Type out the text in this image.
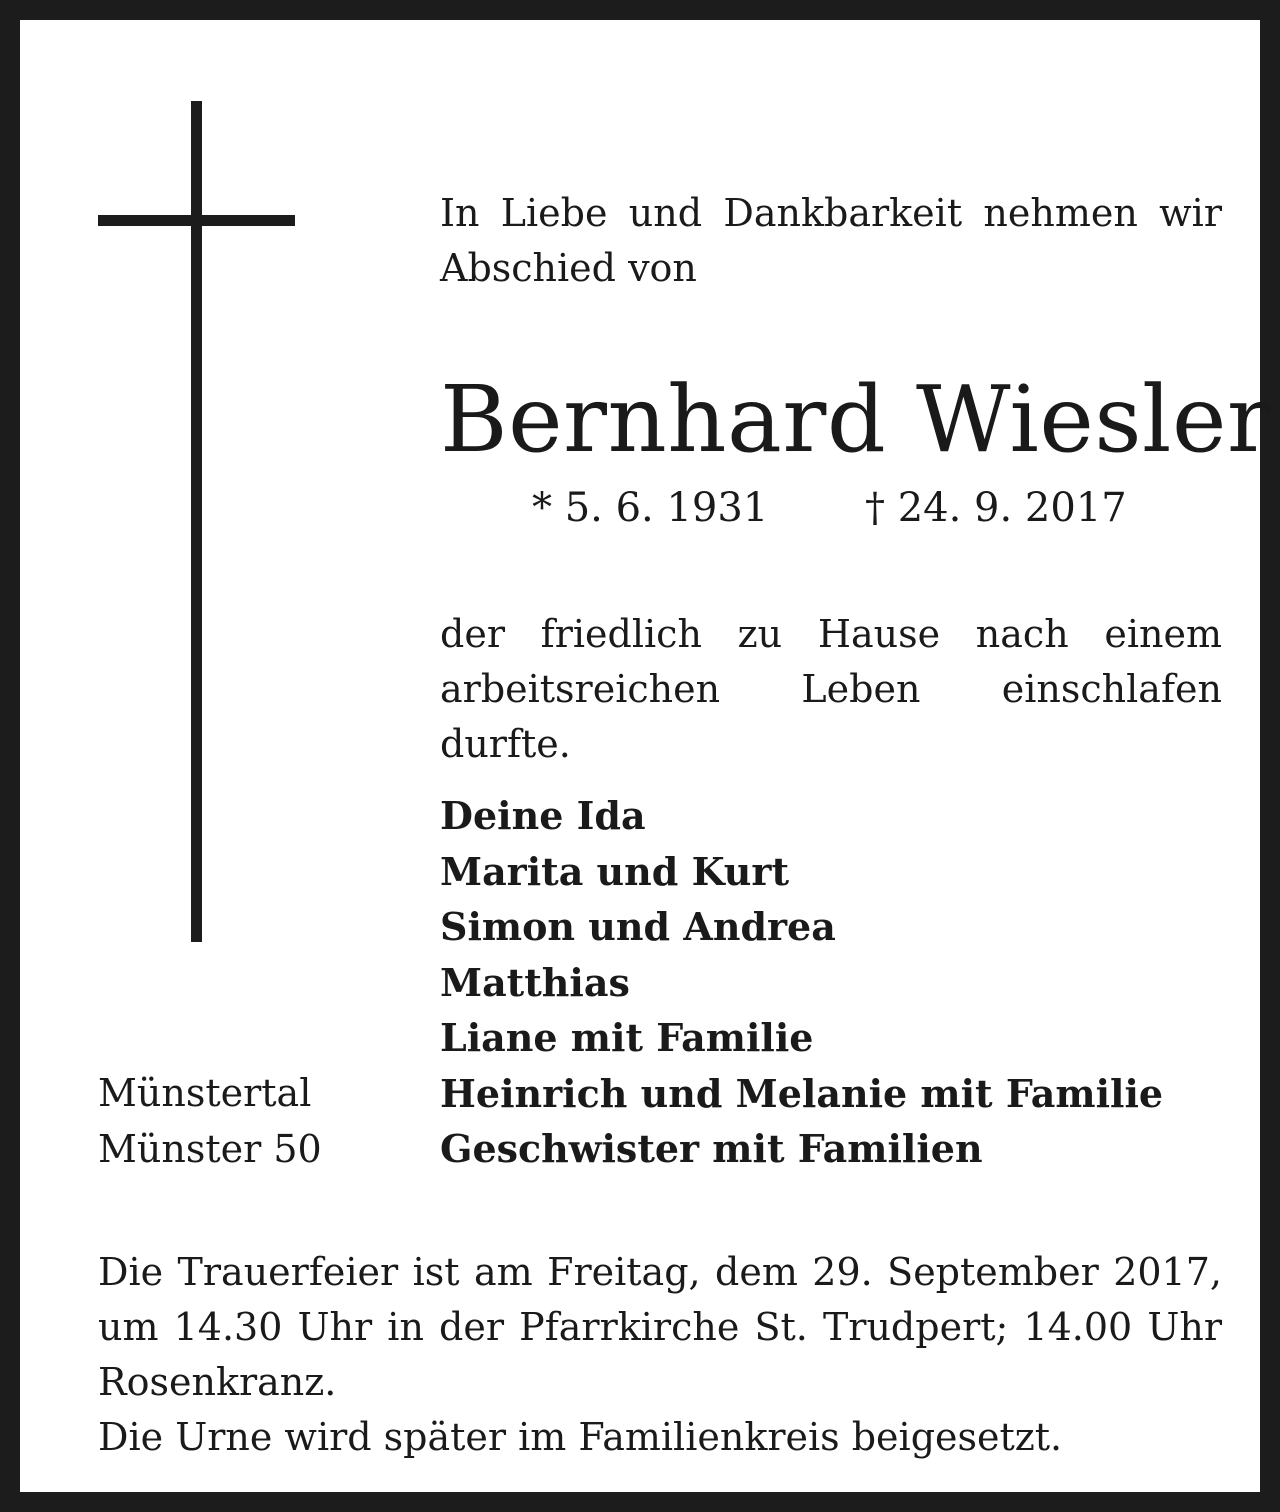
In Liebe und Dankbarkeit nehmen wir Abschied von
Bernhard Wiesler
* 5. 6. 1931 † 24. 9. 2017
der friedlich zu Hause nach einem arbeitsreichen Leben einschlafen durfte.
Deine Ida
Marita und Kurt
Simon und Andrea
Matthias
Liane mit Familie
Heinrich und Melanie mit Familie
Geschwister mit Familien
Münstertal
Münster 50
Die Trauerfeier ist am Freitag, dem 29. September 2017, um 14.30 Uhr in der Pfarrkirche St. Trudpert; 14.00 Uhr Rosenkranz.
Die Urne wird später im Familienkreis beigesetzt.
